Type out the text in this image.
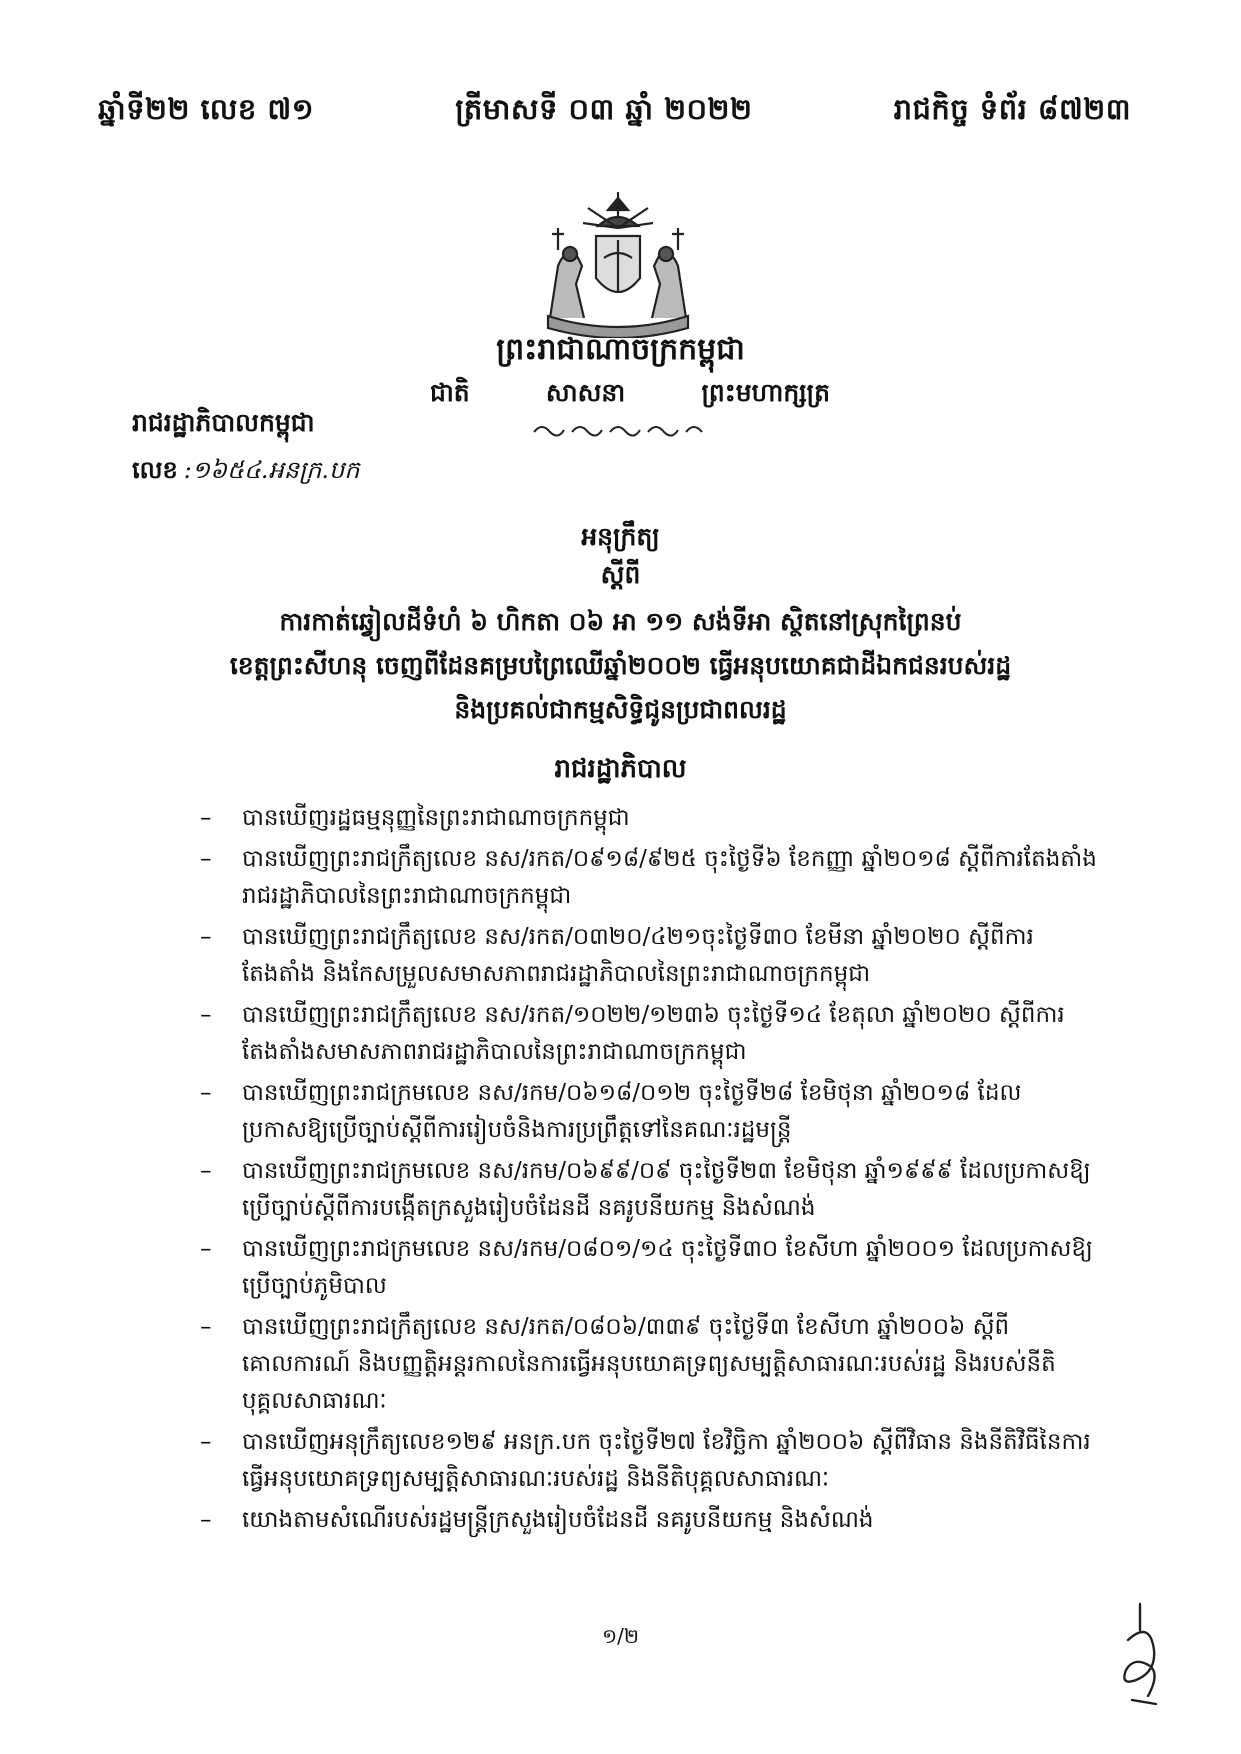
ឆ្នាំទី២២ លេខ ៧១	ត្រីមាសទី ០៣ ឆ្នាំ ២០២២	រាជកិច្ច ទំព័រ ៨៧២៣
ព្រះរាជាណាចក្រកម្ពុជា
ជាតិ	សាសនា	ព្រះមហាក្សត្រ
រាជរដ្ឋាភិបាលកម្ពុជា
លេខ :១៦៥៤.អនក្រ.បក
អនុក្រឹត្យ
ស្តីពី
ការកាត់ឆ្វៀលដីទំហំ ៦ ហិកតា ០៦ អា ១១ សង់ទីអា ស្ថិតនៅស្រុកព្រៃនប់
ខេត្តព្រះសីហនុ ចេញពីដែនគម្របព្រៃឈើឆ្នាំ២០០២ ធ្វើអនុបយោគជាដីឯកជនរបស់រដ្ឋ
និងប្រគល់ជាកម្មសិទ្ធិជូនប្រជាពលរដ្ឋ
រាជរដ្ឋាភិបាល
– បានឃើញរដ្ឋធម្មនុញ្ញនៃព្រះរាជាណាចក្រកម្ពុជា
– បានឃើញព្រះរាជក្រឹត្យលេខ នស/រកត/០៩១៨/៩២៥ ចុះថ្ងៃទី៦ ខែកញ្ញា ឆ្នាំ២០១៨ ស្តីពីការតែងតាំងរាជរដ្ឋាភិបាលនៃព្រះរាជាណាចក្រកម្ពុជា
– បានឃើញព្រះរាជក្រឹត្យលេខ នស/រកត/០៣២០/៤២១ចុះថ្ងៃទី៣០ ខែមីនា ឆ្នាំ២០២០ ស្តីពីការតែងតាំង និងកែសម្រួលសមាសភាពរាជរដ្ឋាភិបាលនៃព្រះរាជាណាចក្រកម្ពុជា
– បានឃើញព្រះរាជក្រឹត្យលេខ នស/រកត/១០២២/១២៣៦ ចុះថ្ងៃទី១៤ ខែតុលា ឆ្នាំ២០២០ ស្តីពីការតែងតាំងសមាសភាពរាជរដ្ឋាភិបាលនៃព្រះរាជាណាចក្រកម្ពុជា
– បានឃើញព្រះរាជក្រមលេខ នស/រកម/០៦១៨/០១២ ចុះថ្ងៃទី២៨ ខែមិថុនា ឆ្នាំ២០១៨ ដែលប្រកាសឱ្យប្រើច្បាប់ស្តីពីការរៀបចំនិងការប្រព្រឹត្តទៅនៃគណៈរដ្ឋមន្ត្រី
– បានឃើញព្រះរាជក្រមលេខ នស/រកម/០៦៩៩/០៩ ចុះថ្ងៃទី២៣ ខែមិថុនា ឆ្នាំ១៩៩៩ ដែលប្រកាសឱ្យប្រើច្បាប់ស្តីពីការបង្កើតក្រសួងរៀបចំដែនដី នគរូបនីយកម្ម និងសំណង់
– បានឃើញព្រះរាជក្រមលេខ នស/រកម/០៨០១/១៤ ចុះថ្ងៃទី៣០ ខែសីហា ឆ្នាំ២០០១ ដែលប្រកាសឱ្យប្រើច្បាប់ភូមិបាល
– បានឃើញព្រះរាជក្រឹត្យលេខ នស/រកត/០៨០៦/៣៣៩ ចុះថ្ងៃទី៣ ខែសីហា ឆ្នាំ២០០៦ ស្តីពីគោលការណ៍ និងបញ្ញត្តិអន្តរកាលនៃការធ្វើអនុបយោគទ្រព្យសម្បត្តិសាធារណៈរបស់រដ្ឋ និងរបស់នីតិបុគ្គលសាធារណៈ
– បានឃើញអនុក្រឹត្យលេខ១២៩ អនក្រ.បក ចុះថ្ងៃទី២៧ ខែវិច្ឆិកា ឆ្នាំ២០០៦ ស្តីពីវិធាន និងនីតិវិធីនៃការធ្វើអនុបយោគទ្រព្យសម្បត្តិសាធារណៈរបស់រដ្ឋ និងនីតិបុគ្គលសាធារណៈ
– យោងតាមសំណើរបស់រដ្ឋមន្ត្រីក្រសួងរៀបចំដែនដី នគរូបនីយកម្ម និងសំណង់
១/២
